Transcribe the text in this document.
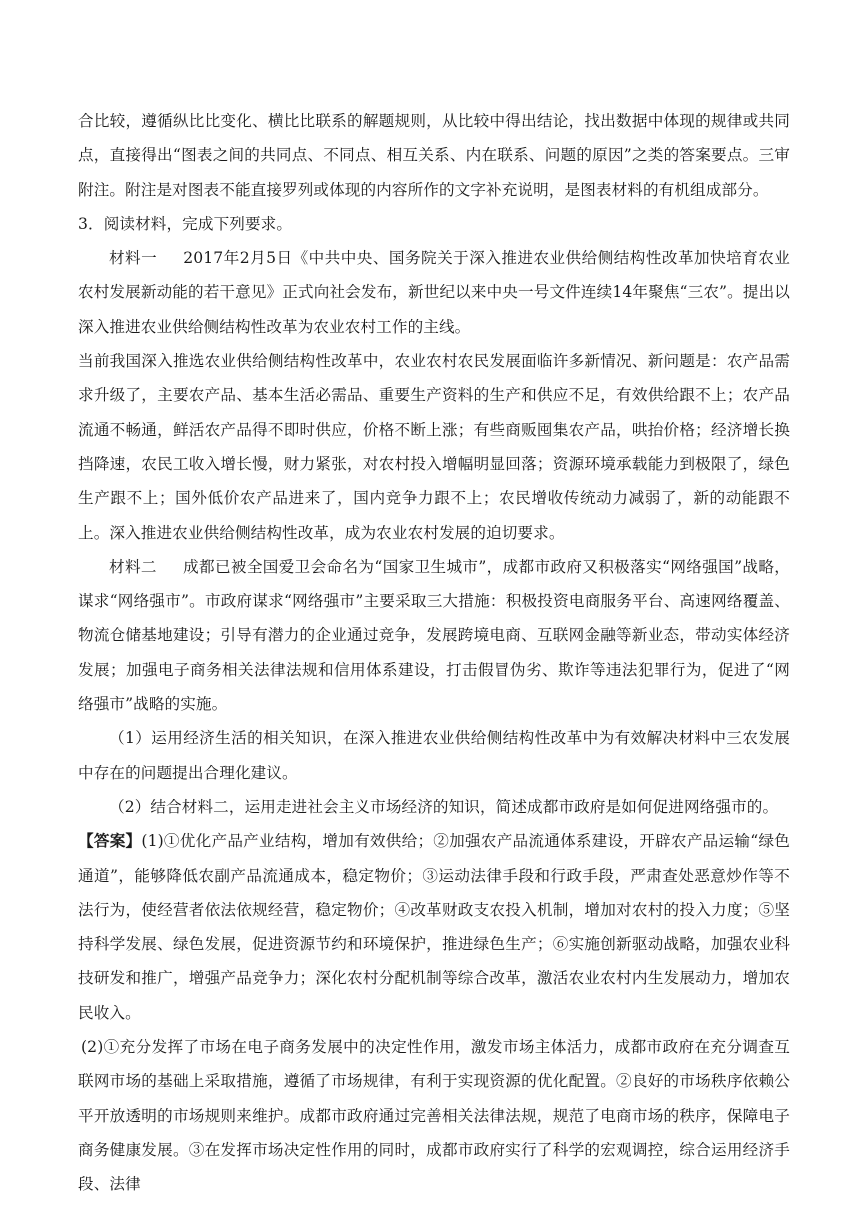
合比较，遵循纵比比变化、横比比联系的解题规则，从比较中得出结论，找出数据中体现的规律或共同点，直接得出“图表之间的共同点、不同点、相互关系、内在联系、问题的原因”之类的答案要点。三审附注。附注是对图表不能直接罗列或体现的内容所作的文字补充说明，是图表材料的有机组成部分。

3．阅读材料，完成下列要求。

材料一 2017年2月5日《中共中央、国务院关于深入推进农业供给侧结构性改革加快培育农业农村发展新动能的若干意见》正式向社会发布，新世纪以来中央一号文件连续14年聚焦“三农”。提出以深入推进农业供给侧结构性改革为农业农村工作的主线。

当前我国深入推选农业供给侧结构性改革中，农业农村农民发展面临许多新情况、新问题是：农产品需求升级了，主要农产品、基本生活必需品、重要生产资料的生产和供应不足，有效供给跟不上；农产品流通不畅通，鲜活农产品得不即时供应，价格不断上涨；有些商贩囤集农产品，哄抬价格；经济增长换挡降速，农民工收入增长慢，财力紧张，对农村投入增幅明显回落；资源环境承载能力到极限了，绿色生产跟不上；国外低价农产品进来了，国内竞争力跟不上；农民增收传统动力减弱了，新的动能跟不上。深入推进农业供给侧结构性改革，成为农业农村发展的迫切要求。

材料二 成都已被全国爱卫会命名为“国家卫生城市”，成都市政府又积极落实“网络强国”战略，谋求“网络强市”。市政府谋求“网络强市”主要采取三大措施：积极投资电商服务平台、高速网络覆盖、物流仓储基地建设；引导有潜力的企业通过竞争，发展跨境电商、互联网金融等新业态，带动实体经济发展；加强电子商务相关法律法规和信用体系建设，打击假冒伪劣、欺诈等违法犯罪行为，促进了“网络强市”战略的实施。

（1）运用经济生活的相关知识，在深入推进农业供给侧结构性改革中为有效解决材料中三农发展中存在的问题提出合理化建议。

（2）结合材料二，运用走进社会主义市场经济的知识，简述成都市政府是如何促进网络强市的。

【答案】(1)①优化产品产业结构，增加有效供给；②加强农产品流通体系建设，开辟农产品运输“绿色通道”，能够降低农副产品流通成本，稳定物价；③运动法律手段和行政手段，严肃查处恶意炒作等不法行为，使经营者依法依规经营，稳定物价；④改革财政支农投入机制，增加对农村的投入力度；⑤坚持科学发展、绿色发展，促进资源节约和环境保护，推进绿色生产；⑥实施创新驱动战略，加强农业科技研发和推广，增强产品竞争力；深化农村分配机制等综合改革，激活农业农村内生发展动力，增加农民收入。

(2)①充分发挥了市场在电子商务发展中的决定性作用，激发市场主体活力，成都市政府在充分调查互联网市场的基础上采取措施，遵循了市场规律，有利于实现资源的优化配置。②良好的市场秩序依赖公平开放透明的市场规则来维护。成都市政府通过完善相关法律法规，规范了电商市场的秩序，保障电子商务健康发展。③在发挥市场决定性作用的同时，成都市政府实行了科学的宏观调控，综合运用经济手段、法律
